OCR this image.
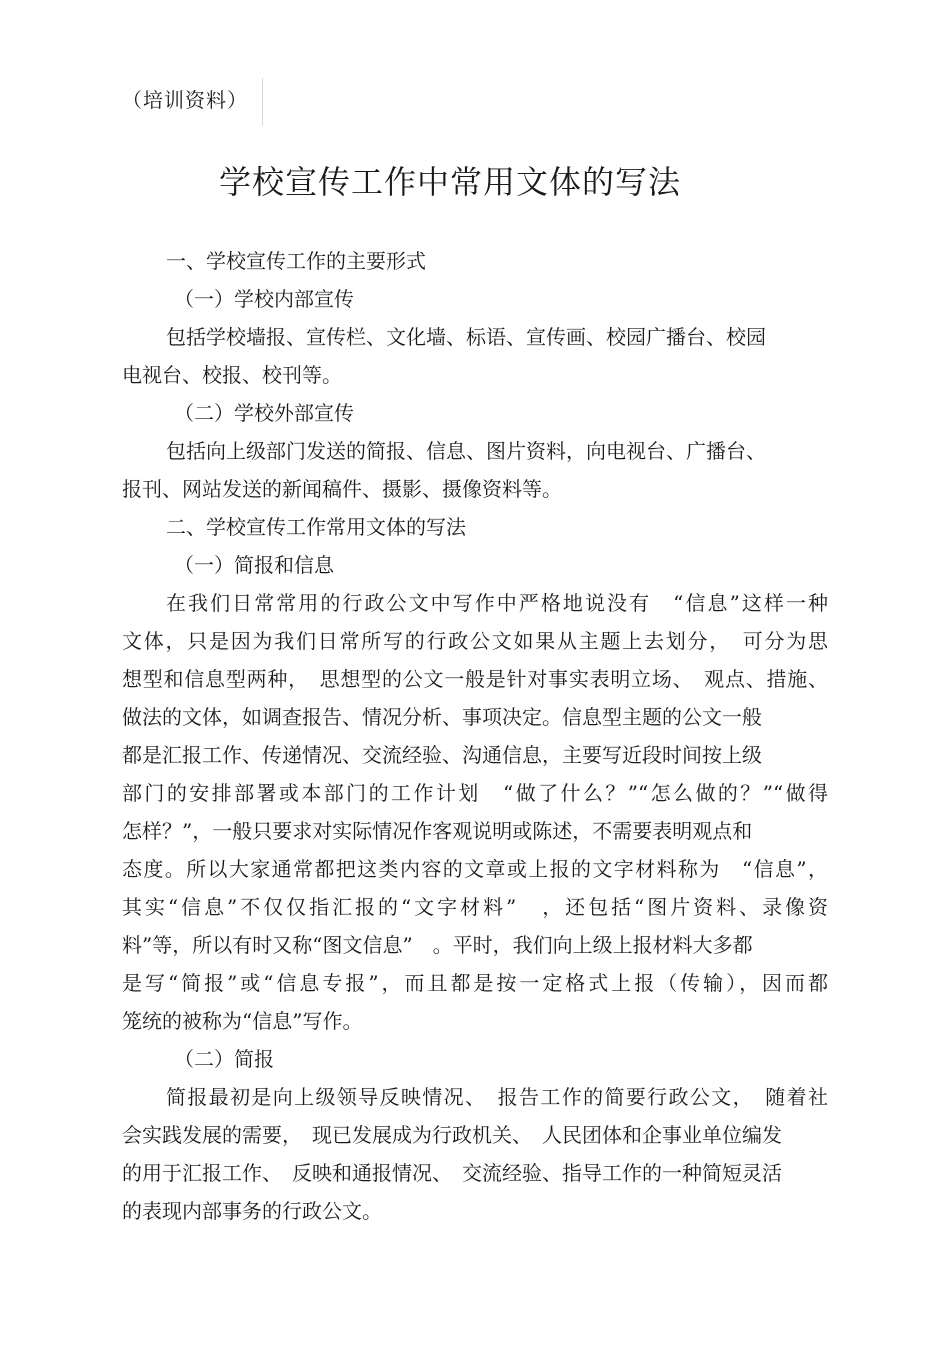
（培训资料）
学校宣传工作中常用文体的写法
一、学校宣传工作的主要形式
（一）学校内部宣传
包括学校墙报、宣传栏、文化墙、标语、宣传画、校园广播台、校园
电视台、校报、校刊等。
（二）学校外部宣传
包括向上级部门发送的简报、信息、图片资料，向电视台、广播台、
报刊、网站发送的新闻稿件、摄影、摄像资料等。
二、学校宣传工作常用文体的写法
（一）简报和信息
在我们日常常用的行政公文中写作中严格地说没有　“信息”这样一种
文体，只是因为我们日常所写的行政公文如果从主题上去划分，　可分为思
想型和信息型两种，　思想型的公文一般是针对事实表明立场、　观点、措施、
做法的文体，如调查报告、情况分析、事项决定。信息型主题的公文一般
都是汇报工作、传递情况、交流经验、沟通信息，主要写近段时间按上级
部门的安排部署或本部门的工作计划　“做了什么？”“怎么做的？”“做得
怎样？”，一般只要求对实际情况作客观说明或陈述，不需要表明观点和
态度。所以大家通常都把这类内容的文章或上报的文字材料称为　“信息”，
其实“信息”不仅仅指汇报的“文字材料”　，还包括“图片资料、录像资
料”等，所以有时又称“图文信息”　。平时，我们向上级上报材料大多都
是写“简报”或“信息专报”，而且都是按一定格式上报（传输），因而都
笼统的被称为“信息”写作。
（二）简报
简报最初是向上级领导反映情况、　报告工作的简要行政公文，　随着社
会实践发展的需要，　现已发展成为行政机关、　人民团体和企事业单位编发
的用于汇报工作、　反映和通报情况、　交流经验、指导工作的一种简短灵活
的表现内部事务的行政公文。
